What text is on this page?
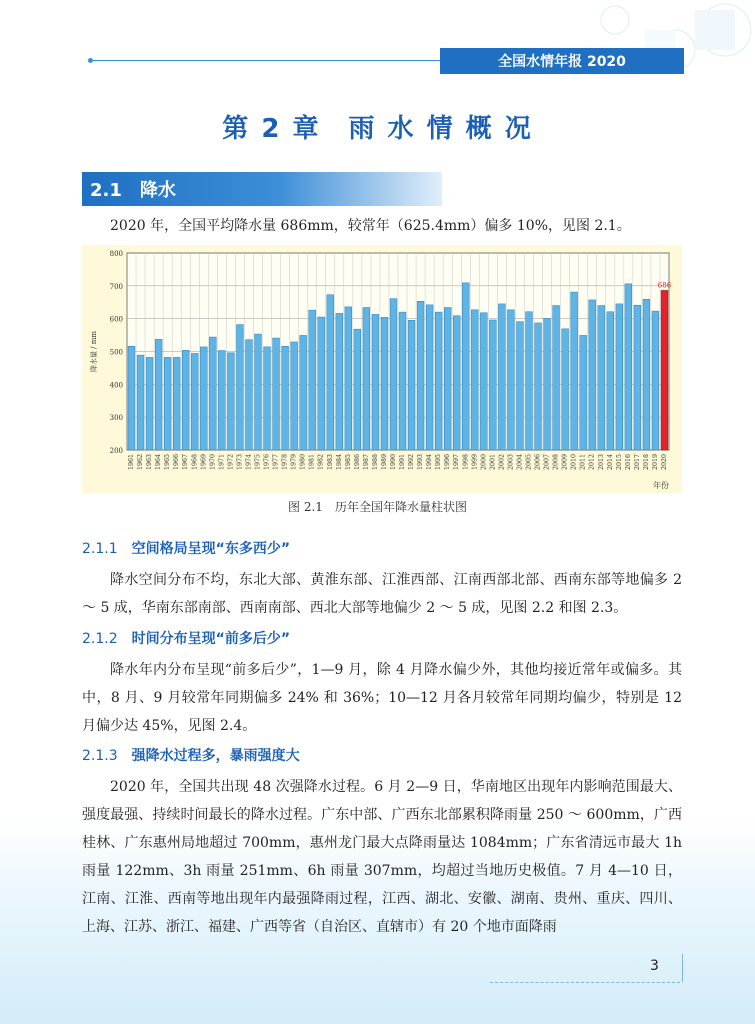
全国水情年报 2020
第 2 章　雨 水 情 概 况
2.1　降水

2020 年，全国平均降水量 686mm，较常年（625.4mm）偏多 10%，见图 2.1。

200
300
400
500
600
700
800
1961 1962 1963 1964 1965 1966 1967 1968 1969 1970 1971 1972 1973 1974 1975 1976 1977 1978 1979 1980 1981 1982 1983 1984 1985 1986 1987 1988 1989 1990 1991 1992 1993 1994 1995 1996 1997 1998 1999 2000 2001 2002 2003 2004 2005 2006 2007 2008 2009 2010 2011 2012 2013 2014 2015 2016 2017 2018 2019 2020
686
降水量 / mm
年份
图 2.1　历年全国年降水量柱状图
2.1.1 空间格局呈现“东多西少”

降水空间分布不均，东北大部、黄淮东部、江淮西部、江南西部北部、西南东部等地偏多 2 ～ 5 成，华南东部南部、西南南部、西北大部等地偏少 2 ～ 5 成，见图 2.2 和图 2.3。

2.1.2 时间分布呈现“前多后少”

降水年内分布呈现“前多后少”，1—9 月，除 4 月降水偏少外，其他均接近常年或偏多。其中，8 月、9 月较常年同期偏多 24% 和 36%；10—12 月各月较常年同期均偏少，特别是 12 月偏少达 45%，见图 2.4。

2.1.3 强降水过程多，暴雨强度大

2020 年，全国共出现 48 次强降水过程。6 月 2—9 日，华南地区出现年内影响范围最大、强度最强、持续时间最长的降水过程。广东中部、广西东北部累积降雨量 250 ～ 600mm，广西桂林、广东惠州局地超过 700mm，惠州龙门最大点降雨量达 1084mm；广东省清远市最大 1h 雨量 122mm、3h 雨量 251mm、6h 雨量 307mm，均超过当地历史极值。7 月 4—10 日，江南、江淮、西南等地出现年内最强降雨过程，江西、湖北、安徽、湖南、贵州、重庆、四川、上海、江苏、浙江、福建、广西等省（自治区、直辖市）有 20 个地市面降雨

3
